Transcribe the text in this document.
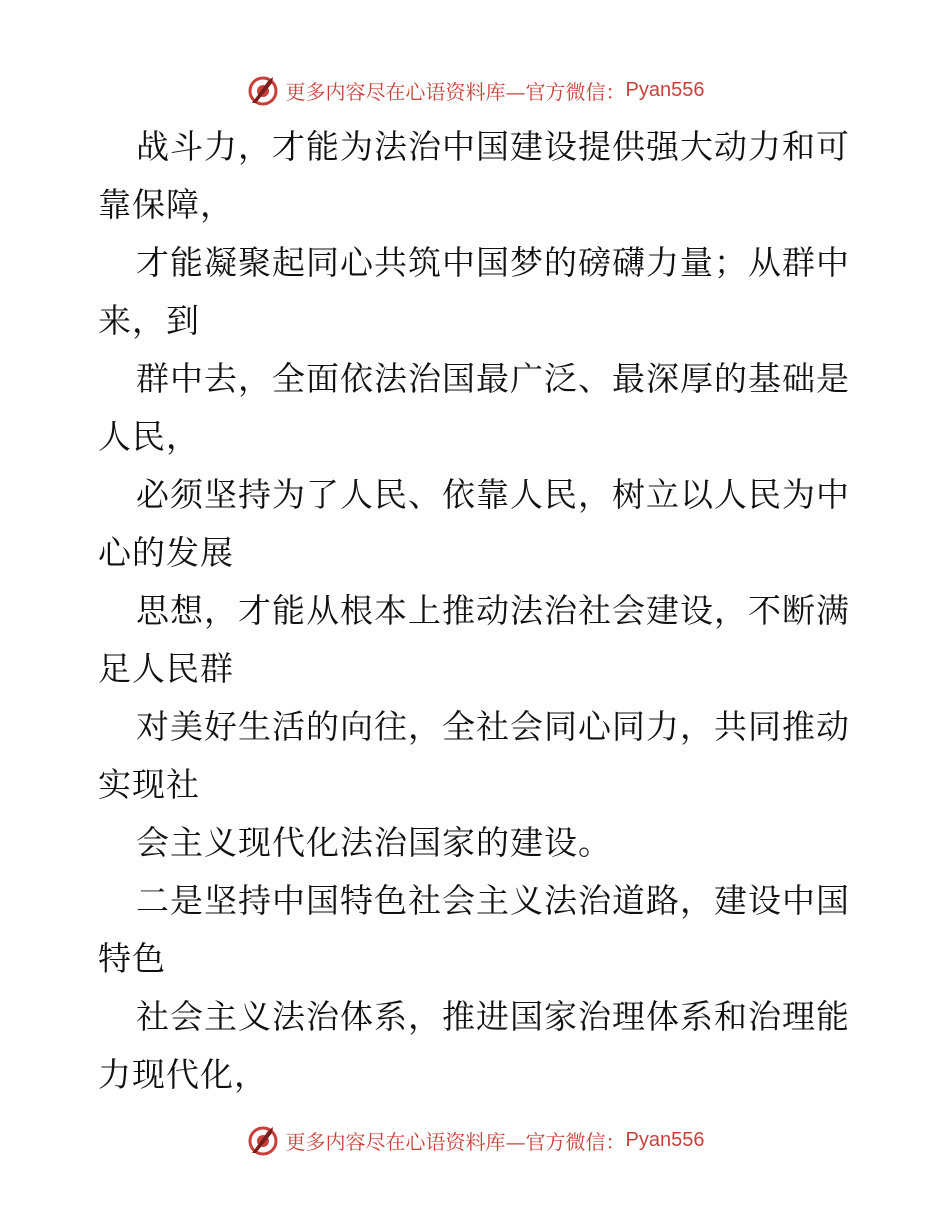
更多内容尽在心语资料库—官方微信： Pyan556
战斗力，才能为法治中国建设提供强大动力和可
靠保障，
才能凝聚起同心共筑中国梦的磅礴力量；从群中
来，到
群中去，全面依法治国最广泛、最深厚的基础是
人民，
必须坚持为了人民、依靠人民，树立以人民为中
心的发展
思想，才能从根本上推动法治社会建设，不断满
足人民群
对美好生活的向往，全社会同心同力，共同推动
实现社
会主义现代化法治国家的建设。
二是坚持中国特色社会主义法治道路，建设中国
特色
社会主义法治体系，推进国家治理体系和治理能
力现代化，
更多内容尽在心语资料库—官方微信： Pyan556
